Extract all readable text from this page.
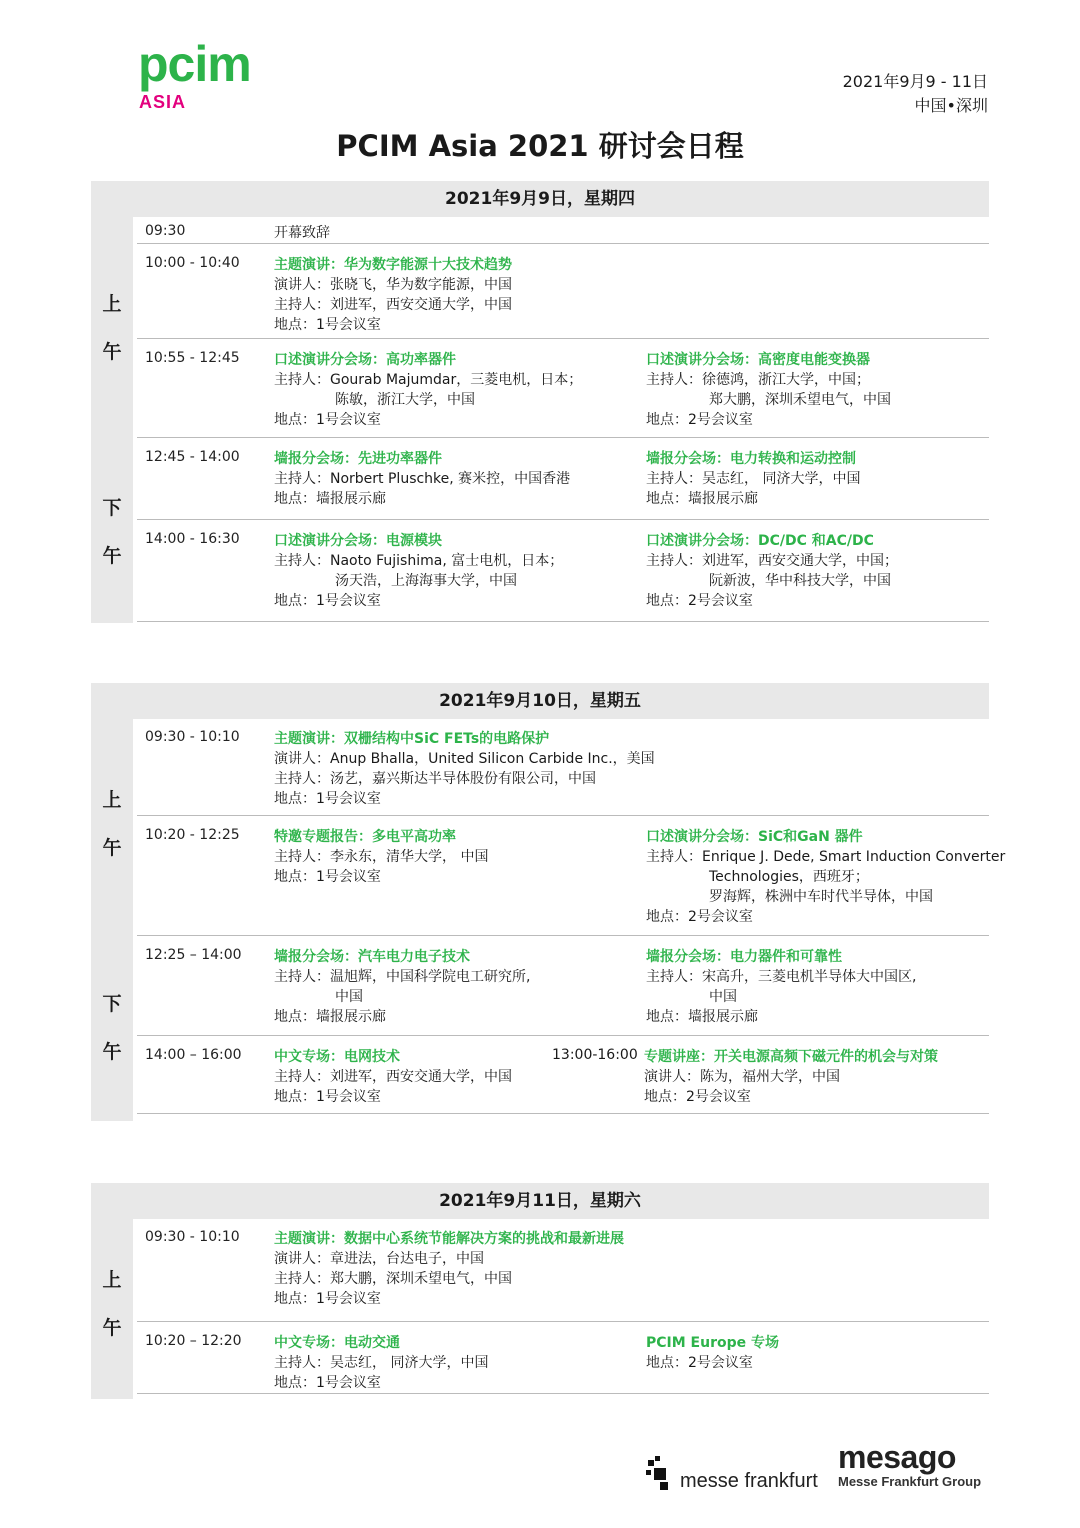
pcim
ASIA
2021年9月9 - 11日
中国•深圳
PCIM Asia 2021 研讨会日程
2021年9月9日，星期四
上
午
下
午
09:30	开幕致辞
10:00 - 10:40 主题演讲：华为数字能源十大技术趋势
演讲人：张晓飞，华为数字能源，中国
主持人：刘进军，西安交通大学，中国
地点：1号会议室
10:55 - 12:45 口述演讲分会场：高功率器件
主持人：Gourab Majumdar，三菱电机，日本；
陈敏，浙江大学，中国
地点：1号会议室
口述演讲分会场：高密度电能变换器
主持人：徐德鸿，浙江大学，中国；
郑大鹏，深圳禾望电气，中国
地点：2号会议室
12:45 - 14:00 墙报分会场：先进功率器件
主持人：Norbert Pluschke, 赛米控，中国香港
地点：墙报展示廊
墙报分会场：电力转换和运动控制
主持人：吴志红， 同济大学，中国
地点：墙报展示廊
14:00 - 16:30 口述演讲分会场：电源模块
主持人：Naoto Fujishima, 富士电机，日本；
汤天浩，上海海事大学，中国
地点：1号会议室
口述演讲分会场：DC/DC 和AC/DC
主持人：刘进军，西安交通大学，中国；
阮新波，华中科技大学，中国
地点：2号会议室
2021年9月10日，星期五
上
午
下
午
09:30 - 10:10 主题演讲：双栅结构中SiC FETs的电路保护
演讲人：Anup Bhalla，United Silicon Carbide Inc.，美国
主持人：汤艺，嘉兴斯达半导体股份有限公司，中国
地点：1号会议室
10:20 - 12:25 特邀专题报告：多电平高功率
主持人：李永东，清华大学， 中国
地点：1号会议室
口述演讲分会场：SiC和GaN 器件
主持人：Enrique J. Dede, Smart Induction Converter
Technologies，西班牙；
罗海辉，株洲中车时代半导体，中国
地点：2号会议室
12:25 – 14:00 墙报分会场：汽车电力电子技术
主持人：温旭辉，中国科学院电工研究所,
中国
地点：墙报展示廊
墙报分会场：电力器件和可靠性
主持人：宋高升，三菱电机半导体大中国区,
中国
地点：墙报展示廊
14:00 – 16:00 中文专场：电网技术
主持人：刘进军，西安交通大学，中国
地点：1号会议室
13:00-16:00 专题讲座：开关电源高频下磁元件的机会与对策
演讲人：陈为，福州大学，中国
地点：2号会议室
2021年9月11日，星期六
上
午
09:30 - 10:10 主题演讲：数据中心系统节能解决方案的挑战和最新进展
演讲人：章进法，台达电子，中国
主持人：郑大鹏，深圳禾望电气，中国
地点：1号会议室
10:20 – 12:20 中文专场：电动交通
主持人：吴志红， 同济大学，中国
地点：1号会议室
PCIM Europe 专场
地点：2号会议室
messe frankfurt
mesago
Messe Frankfurt Group
